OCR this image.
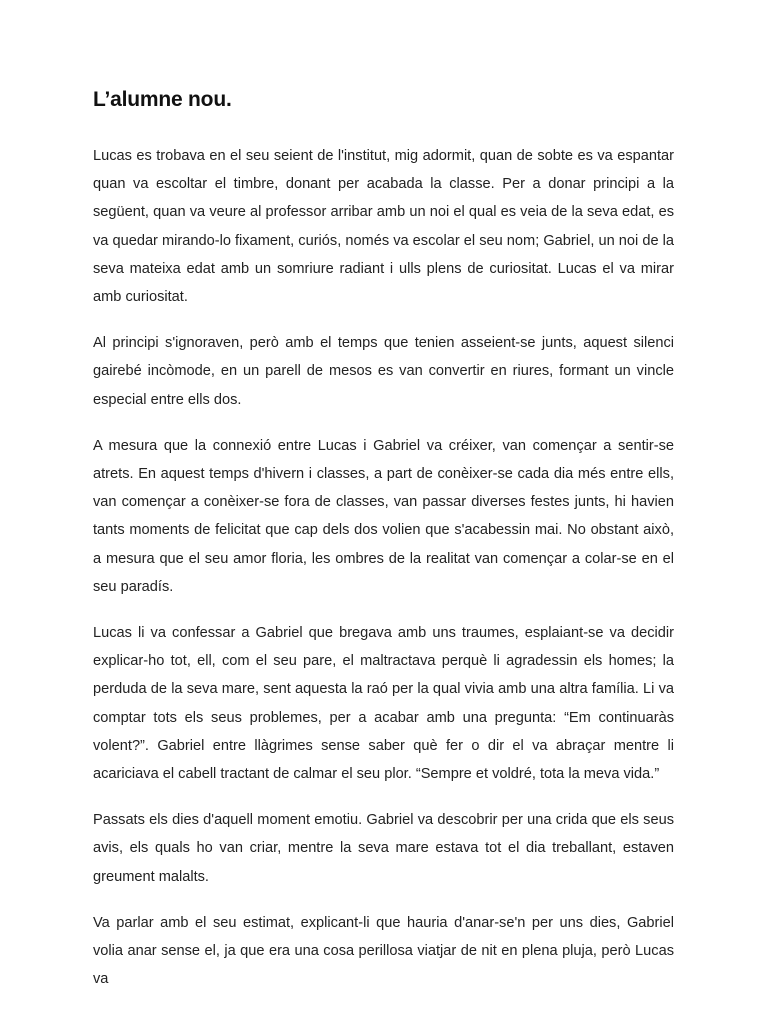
L’alumne nou.

Lucas es trobava en el seu seient de l'institut, mig adormit, quan de sobte es va espantar quan va escoltar el timbre, donant per acabada la classe. Per a donar principi a la següent, quan va veure al professor arribar amb un noi el qual es veia de la seva edat, es va quedar mirando-lo fixament, curiós, només va escolar el seu nom; Gabriel, un noi de la seva mateixa edat amb un somriure radiant i ulls plens de curiositat. Lucas el va mirar amb curiositat.

Al principi s'ignoraven, però amb el temps que tenien asseient-se junts, aquest silenci gairebé incòmode, en un parell de mesos es van convertir en riures, formant un vincle especial entre ells dos.

A mesura que la connexió entre Lucas i Gabriel va créixer, van començar a sentir-se atrets. En aquest temps d'hivern i classes, a part de conèixer-se cada dia més entre ells, van començar a conèixer-se fora de classes, van passar diverses festes junts, hi havien tants moments de felicitat que cap dels dos volien que s'acabessin mai. No obstant això, a mesura que el seu amor floria, les ombres de la realitat van començar a colar-se en el seu paradís.

Lucas li va confessar a Gabriel que bregava amb uns traumes, esplaiant-se va decidir explicar-ho tot, ell, com el seu pare, el maltractava perquè li agradessin els homes; la perduda de la seva mare, sent aquesta la raó per la qual vivia amb una altra família. Li va comptar tots els seus problemes, per a acabar amb una pregunta: “Em continuaràs volent?”. Gabriel entre llàgrimes sense saber què fer o dir el va abraçar mentre li acariciava el cabell tractant de calmar el seu plor. “Sempre et voldré, tota la meva vida.”

Passats els dies d'aquell moment emotiu. Gabriel va descobrir per una crida que els seus avis, els quals ho van criar, mentre la seva mare estava tot el dia treballant, estaven greument malalts.

Va parlar amb el seu estimat, explicant-li que hauria d'anar-se'n per uns dies, Gabriel volia anar sense el, ja que era una cosa perillosa viatjar de nit en plena pluja, però Lucas va
